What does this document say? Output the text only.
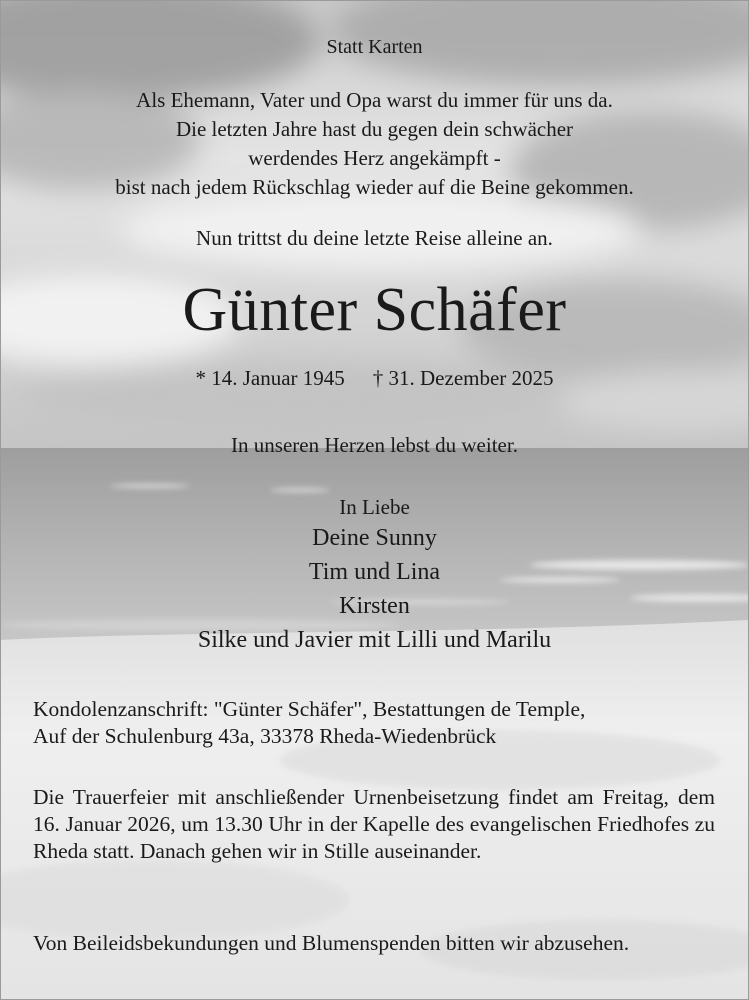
Statt Karten
Als Ehemann, Vater und Opa warst du immer für uns da.
Die letzten Jahre hast du gegen dein schwächer
werdendes Herz angekämpft -
bist nach jedem Rückschlag wieder auf die Beine gekommen.
Nun trittst du deine letzte Reise alleine an.
Günter Schäfer
* 14. Januar 1945 † 31. Dezember 2025
In unseren Herzen lebst du weiter.
In Liebe
Deine Sunny
Tim und Lina
Kirsten
Silke und Javier mit Lilli und Marilu
Kondolenzanschrift: "Günter Schäfer", Bestattungen de Temple,
Auf der Schulenburg 43a, 33378 Rheda-Wiedenbrück
Die Trauerfeier mit anschließender Urnenbeisetzung findet am Freitag, dem 16. Januar 2026, um 13.30 Uhr in der Kapelle des evangelischen Friedhofes zu Rheda statt. Danach gehen wir in Stille auseinander.
Von Beileidsbekundungen und Blumenspenden bitten wir abzusehen.
